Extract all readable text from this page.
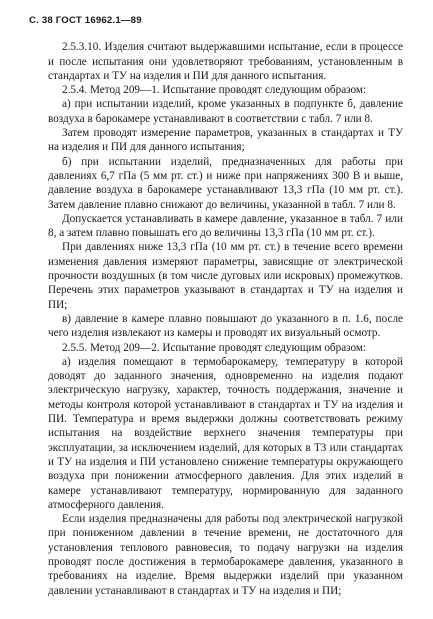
С. 38 ГОСТ 16962.1—89

2.5.3.10. Изделия считают выдержавшими испытание, если в процессе и после испытания они удовлетворяют требованиям, установленным в стандартах и ТУ на изделия и ПИ для данного испытания.

2.5.4. Метод 209—1. Испытание проводят следующим образом:

а) при испытании изделий, кроме указанных в подпункте б, давление воздуха в барокамере устанавливают в соответствии с табл. 7 или 8.

Затем проводят измерение параметров, указанных в стандартах и ТУ на изделия и ПИ для данного испытания;

б) при испытании изделий, предназначенных для работы при давлениях 6,7 гПа (5 мм рт. ст.) и ниже при напряжениях 300 В и выше, давление воздуха в барокамере устанавливают 13,3 гПа (10 мм рт. ст.). Затем давление плавно снижают до величины, указанной в табл. 7 или 8.

Допускается устанавливать в камере давление, указанное в табл. 7 или 8, а затем плавно повышать его до величины 13,3 гПа (10 мм рт. ст.).

При давлениях ниже 13,3 гПа (10 мм рт. ст.) в течение всего времени изменения давления измеряют параметры, зависящие от электрической прочности воздушных (в том числе дуговых или искровых) промежутков. Перечень этих параметров указывают в стандартах и ТУ на изделия и ПИ;

в) давление в камере плавно повышают до указанного в п. 1.6, после чего изделия извлекают из камеры и проводят их визуальный осмотр.

2.5.5. Метод 209—2. Испытание проводят следующим образом:

а) изделия помещают в термобарокамеру, температуру в которой доводят до заданного значения, одновременно на изделия подают электрическую нагрузку, характер, точность поддержания, значение и методы контроля которой устанавливают в стандартах и ТУ на изделия и ПИ. Температура и время выдержки должны соответствовать режиму испытания на воздействие верхнего значения температуры при эксплуатации, за исключением изделий, для которых в ТЗ или стандартах и ТУ на изделия и ПИ установлено снижение температуры окружающего воздуха при понижении атмосферного давления. Для этих изделий в камере устанавливают температуру, нормированную для заданного атмосферного давления.

Если изделия предназначены для работы под электрической нагрузкой при пониженном давлении в течение времени, не достаточного для установления теплового равновесия, то подачу нагрузки на изделия проводят после достижения в термобарокамере давления, указанного в требованиях на изделие. Время выдержки изделий при указанном давлении устанавливают в стандартах и ТУ на изделия и ПИ;
